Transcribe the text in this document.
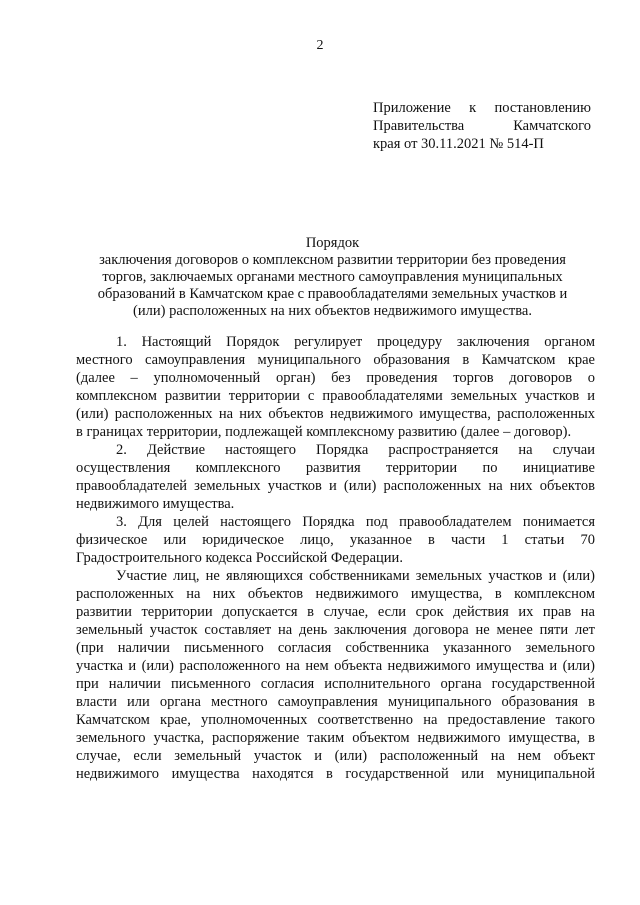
2
Приложение к постановлению
Правительства Камчатского
края от 30.11.2021 № 514-П
Порядок
заключения договоров о комплексном развитии территории без проведения
торгов, заключаемых органами местного самоуправления муниципальных
образований в Камчатском крае с правообладателями земельных участков и
(или) расположенных на них объектов недвижимого имущества.
1. Настоящий Порядок регулирует процедуру заключения органом
местного самоуправления муниципального образования в Камчатском крае
(далее – уполномоченный орган) без проведения торгов договоров о
комплексном развитии территории с правообладателями земельных участков и
(или) расположенных на них объектов недвижимого имущества, расположенных
в границах территории, подлежащей комплексному развитию (далее – договор).
2. Действие настоящего Порядка распространяется на случаи
осуществления комплексного развития территории по инициативе
правообладателей земельных участков и (или) расположенных на них объектов
недвижимого имущества.
3. Для целей настоящего Порядка под правообладателем понимается
физическое или юридическое лицо, указанное в части 1 статьи 70
Градостроительного кодекса Российской Федерации.
Участие лиц, не являющихся собственниками земельных участков и (или)
расположенных на них объектов недвижимого имущества, в комплексном
развитии территории допускается в случае, если срок действия их прав на
земельный участок составляет на день заключения договора не менее пяти лет
(при наличии письменного согласия собственника указанного земельного
участка и (или) расположенного на нем объекта недвижимого имущества и (или)
при наличии письменного согласия исполнительного органа государственной
власти или органа местного самоуправления муниципального образования в
Камчатском крае, уполномоченных соответственно на предоставление такого
земельного участка, распоряжение таким объектом недвижимого имущества, в
случае, если земельный участок и (или) расположенный на нем объект
недвижимого имущества находятся в государственной или муниципальной
